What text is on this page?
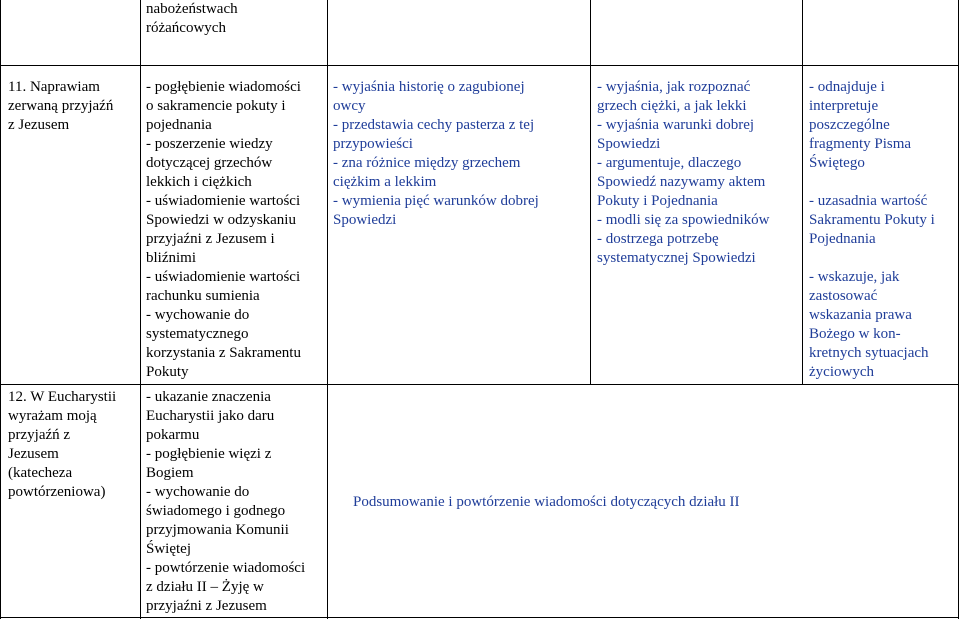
nabożeństwach
różańcowych
11. Naprawiam
zerwaną przyjaźń
z Jezusem
- pogłębienie wiadomości
o sakramencie pokuty i
pojednania
- poszerzenie wiedzy
dotyczącej grzechów
lekkich i ciężkich
- uświadomienie wartości
Spowiedzi w odzyskaniu
przyjaźni z Jezusem i
bliźnimi
- uświadomienie wartości
rachunku sumienia
- wychowanie do
systematycznego
korzystania z Sakramentu
Pokuty
- wyjaśnia historię o zagubionej
owcy
- przedstawia cechy pasterza z tej
przypowieści
- zna różnice między grzechem
ciężkim a lekkim
- wymienia pięć warunków dobrej
Spowiedzi
- wyjaśnia, jak rozpoznać
grzech ciężki, a jak lekki
- wyjaśnia warunki dobrej
Spowiedzi
- argumentuje, dlaczego
Spowiedź nazywamy aktem
Pokuty i Pojednania
- modli się za spowiedników
- dostrzega potrzebę
systematycznej Spowiedzi
- odnajduje i
interpretuje
poszczególne
fragmenty Pisma
Świętego

- uzasadnia wartość
Sakramentu Pokuty i
Pojednania

- wskazuje, jak
zastosować
wskazania prawa
Bożego w kon-
kretnych sytuacjach
życiowych
12. W Eucharystii
wyrażam moją
przyjaźń z
Jezusem
(katecheza
powtórzeniowa)
- ukazanie znaczenia
Eucharystii jako daru
pokarmu
- pogłębienie więzi z
Bogiem
- wychowanie do
świadomego i godnego
przyjmowania Komunii
Świętej
- powtórzenie wiadomości
z działu II – Żyję w
przyjaźni z Jezusem
Podsumowanie i powtórzenie wiadomości dotyczących działu II
